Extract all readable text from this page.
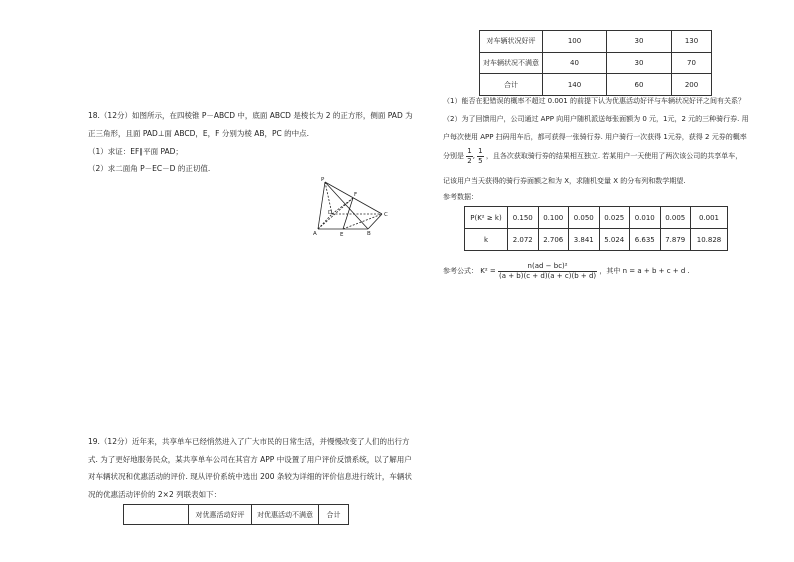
18.（12分）如图所示，在四棱锥 P－ABCD 中，底面 ABCD 是棱长为 2 的正方形，侧面 PAD 为
正三角形，且面 PAD⊥面 ABCD，E，F 分别为棱 AB，PC 的中点.
（1）求证：EF∥平面 PAD；
（2）求二面角 P－EC－D 的正切值.
P
F
D	C
A	E	B
19.（12分）近年来，共享单车已经悄然进入了广大市民的日常生活，并慢慢改变了人们的出行方
式. 为了更好地服务民众，某共享单车公司在其官方 APP 中设置了用户评价反馈系统，以了解用户
对车辆状况和优惠活动的评价. 现从评价系统中选出 200 条较为详细的评价信息进行统计，车辆状
况的优惠活动评价的 2×2 列联表如下：
	对优惠活动好评	对优惠活动不满意	合计
对车辆状况好评	100	30	130
对车辆状况不满意	40	30	70
合计	140	60	200
（1）能否在犯错误的概率不超过 0.001 的前提下认为优惠活动好评与车辆状况好评之间有关系？
（2）为了回馈用户，公司通过 APP 向用户随机派送每张面额为 0 元，1元，2 元的三种骑行券. 用
户每次使用 APP 扫码用车后，都可获得一张骑行券. 用户骑行一次获得 1元券，获得 2 元券的概率
分别是 $\frac{1}{2}$ , $\frac{1}{5}$ ，且各次获取骑行券的结果相互独立. 若某用户一天使用了两次该公司的共享单车，
记该用户当天获得的骑行券面额之和为 X，求随机变量 X 的分布列和数学期望.
参考数据：
P(K² ≥ k)	0.150	0.100	0.050	0.025	0.010	0.005	0.001
k	2.072	2.706	3.841	5.024	6.635	7.879	10.828
参考公式： $K^2 = \frac{\text{n(ad − bc)²}}{(a + b)(c + d)(a + c)(b + d)}$ ，其中 n = a + b + c + d .
